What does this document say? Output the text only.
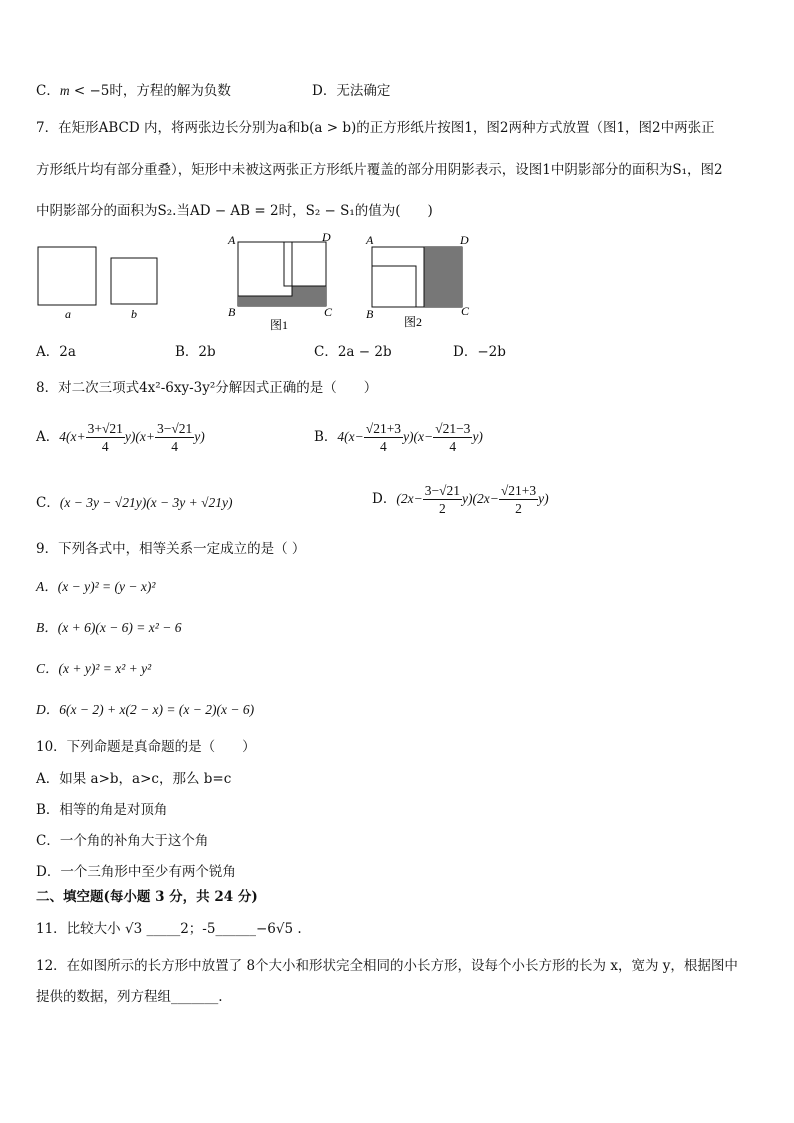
C．m < −5时，方程的解为负数	D．无法确定
7．在矩形ABCD 内，将两张边长分别为a和b(a > b)的正方形纸片按图1，图2两种方式放置（图1，图2中两张正
方形纸片均有部分重叠），矩形中未被这两张正方形纸片覆盖的部分用阴影表示，设图1中阴影部分的面积为S₁，图2
中阴影部分的面积为S₂.当AD − AB = 2时，S₂ − S₁的值为(　　)
a	b
A	D
B	C
图1
A	D
B	C
图2
A．2a	B．2b	C．2a − 2b	D．−2b
8．对二次三项式4x²-6xy-3y²分解因式正确的是（　　）
A．$4(x+ \frac{3+√21}{4} y)(x+ \frac{3-√21}{4} y)$	B．$4(x- \frac{√21+3}{4} y)(x- \frac{√21-3}{4} y)$
C．(x − 3y − √21y)(x − 3y + √21y)	D．$(2x- \frac{3-√21}{2} y)(2x- \frac{√21+3}{2} y)$
9．下列各式中，相等关系一定成立的是（ ）
A．(x − y)² = (y − x)²
B．(x + 6)(x − 6) = x² − 6
C．(x + y)² = x² + y²
D．6(x − 2) + x(2 − x) = (x − 2)(x − 6)
10．下列命题是真命题的是（　　）
A．如果 a>b，a>c，那么 b=c
B．相等的角是对顶角
C．一个角的补角大于这个角
D．一个三角形中至少有两个锐角
二、填空题(每小题 3 分，共 24 分)
11．比较大小 √3 _____2；-5______−6√5 .
12．在如图所示的长方形中放置了 8个大小和形状完全相同的小长方形，设每个小长方形的长为 x，宽为 y，根据图中
提供的数据，列方程组_______.
